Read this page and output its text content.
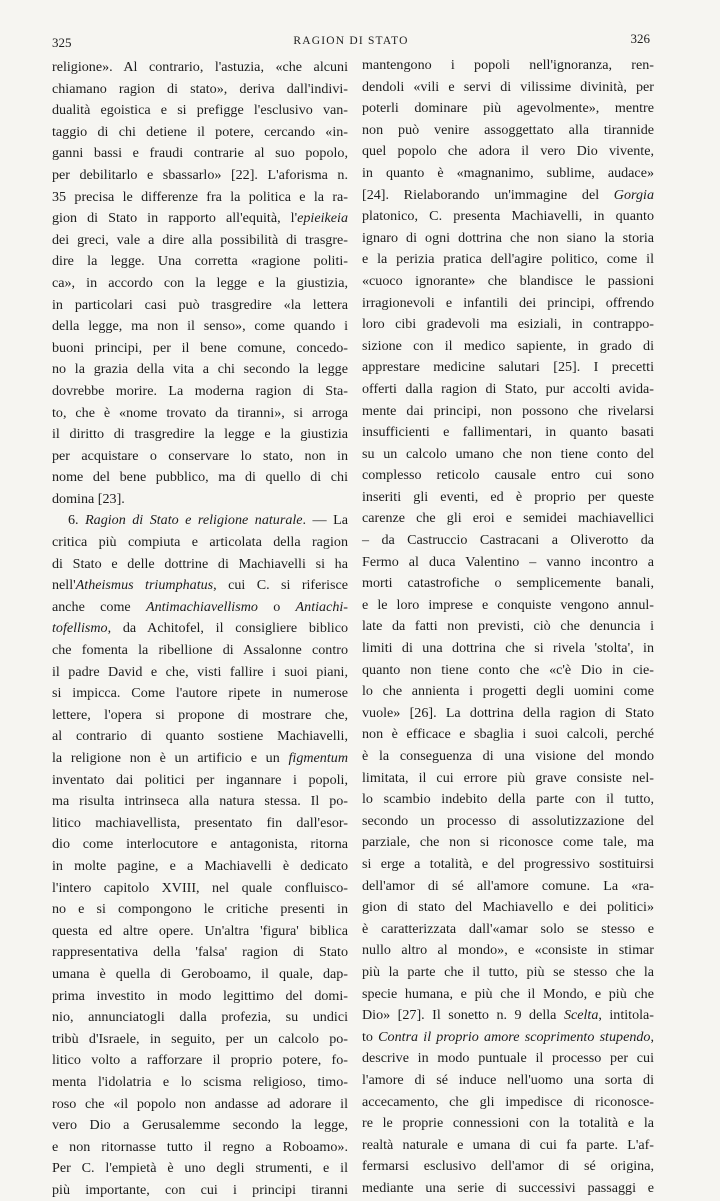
325	RAGION DI STATO	326
religione». Al contrario, l'astuzia, «che alcuni
chiamano ragion di stato», deriva dall'indivi-
dualità egoistica e si prefigge l'esclusivo van-
taggio di chi detiene il potere, cercando «in-
ganni bassi e fraudi contrarie al suo popolo,
per debilitarlo e sbassarlo» [22]. L'aforisma n.
35 precisa le differenze fra la politica e la ra-
gion di Stato in rapporto all'equità, l'epieikeia
dei greci, vale a dire alla possibilità di trasgre-
dire la legge. Una corretta «ragione politi-
ca», in accordo con la legge e la giustizia,
in particolari casi può trasgredire «la lettera
della legge, ma non il senso», come quando i
buoni principi, per il bene comune, concedo-
no la grazia della vita a chi secondo la legge
dovrebbe morire. La moderna ragion di Sta-
to, che è «nome trovato da tiranni», si arroga
il diritto di trasgredire la legge e la giustizia
per acquistare o conservare lo stato, non in
nome del bene pubblico, ma di quello di chi
domina [23].
6. Ragion di Stato e religione naturale. — La
critica più compiuta e articolata della ragion
di Stato e delle dottrine di Machiavelli si ha
nell'Atheismus triumphatus, cui C. si riferisce
anche come Antimachiavellismo o Antiachi-
tofellismo, da Achitofel, il consigliere biblico
che fomenta la ribellione di Assalonne contro
il padre David e che, visti fallire i suoi piani,
si impicca. Come l'autore ripete in numerose
lettere, l'opera si propone di mostrare che,
al contrario di quanto sostiene Machiavelli,
la religione non è un artificio e un figmentum
inventato dai politici per ingannare i popoli,
ma risulta intrinseca alla natura stessa. Il po-
litico machiavellista, presentato fin dall'esor-
dio come interlocutore e antagonista, ritorna
in molte pagine, e a Machiavelli è dedicato
l'intero capitolo XVIII, nel quale confluisco-
no e si compongono le critiche presenti in
questa ed altre opere. Un'altra 'figura' biblica
rappresentativa della 'falsa' ragion di Stato
umana è quella di Geroboamo, il quale, dap-
prima investito in modo legittimo del domi-
nio, annunciatogli dalla profezia, su undici
tribù d'Israele, in seguito, per un calcolo po-
litico volto a rafforzare il proprio potere, fo-
menta l'idolatria e lo scisma religioso, timo-
roso che «il popolo non andasse ad adorare il
vero Dio a Gerusalemme secondo la legge,
e non ritornasse tutto il regno a Roboamo».
Per C. l'empietà è uno degli strumenti, e il
più importante, con cui i principi tiranni
mantengono i popoli nell'ignoranza, ren-
dendoli «vili e servi di vilissime divinità, per
poterli dominare più agevolmente», mentre
non può venire assoggettato alla tirannide
quel popolo che adora il vero Dio vivente,
in quanto è «magnanimo, sublime, audace»
[24]. Rielaborando un'immagine del Gorgia
platonico, C. presenta Machiavelli, in quanto
ignaro di ogni dottrina che non siano la storia
e la perizia pratica dell'agire politico, come il
«cuoco ignorante» che blandisce le passioni
irragionevoli e infantili dei principi, offrendo
loro cibi gradevoli ma esiziali, in contrappo-
sizione con il medico sapiente, in grado di
apprestare medicine salutari [25]. I precetti
offerti dalla ragion di Stato, pur accolti avida-
mente dai principi, non possono che rivelarsi
insufficienti e fallimentari, in quanto basati
su un calcolo umano che non tiene conto del
complesso reticolo causale entro cui sono
inseriti gli eventi, ed è proprio per queste
carenze che gli eroi e semidei machiavellici
– da Castruccio Castracani a Oliverotto da
Fermo al duca Valentino – vanno incontro a
morti catastrofiche o semplicemente banali,
e le loro imprese e conquiste vengono annul-
late da fatti non previsti, ciò che denuncia i
limiti di una dottrina che si rivela 'stolta', in
quanto non tiene conto che «c'è Dio in cie-
lo che annienta i progetti degli uomini come
vuole» [26]. La dottrina della ragion di Stato
non è efficace e sbaglia i suoi calcoli, perché
è la conseguenza di una visione del mondo
limitata, il cui errore più grave consiste nel-
lo scambio indebito della parte con il tutto,
secondo un processo di assolutizzazione del
parziale, che non si riconosce come tale, ma
si erge a totalità, e del progressivo sostituirsi
dell'amor di sé all'amore comune. La «ra-
gion di stato del Machiavello e dei politici»
è caratterizzata dall'«amar solo se stesso e
nullo altro al mondo», e «consiste in stimar
più la parte che il tutto, più se stesso che la
specie humana, e più che il Mondo, e più che
Dio» [27]. Il sonetto n. 9 della Scelta, intitola-
to Contra il proprio amore scoprimento stupendo,
descrive in modo puntuale il processo per cui
l'amore di sé induce nell'uomo una sorta di
accecamento, che gli impedisce di riconosce-
re le proprie connessioni con la totalità e la
realtà naturale e umana di cui fa parte. L'af-
fermarsi esclusivo dell'amor di sé origina,
mediante una serie di successivi passaggi e
